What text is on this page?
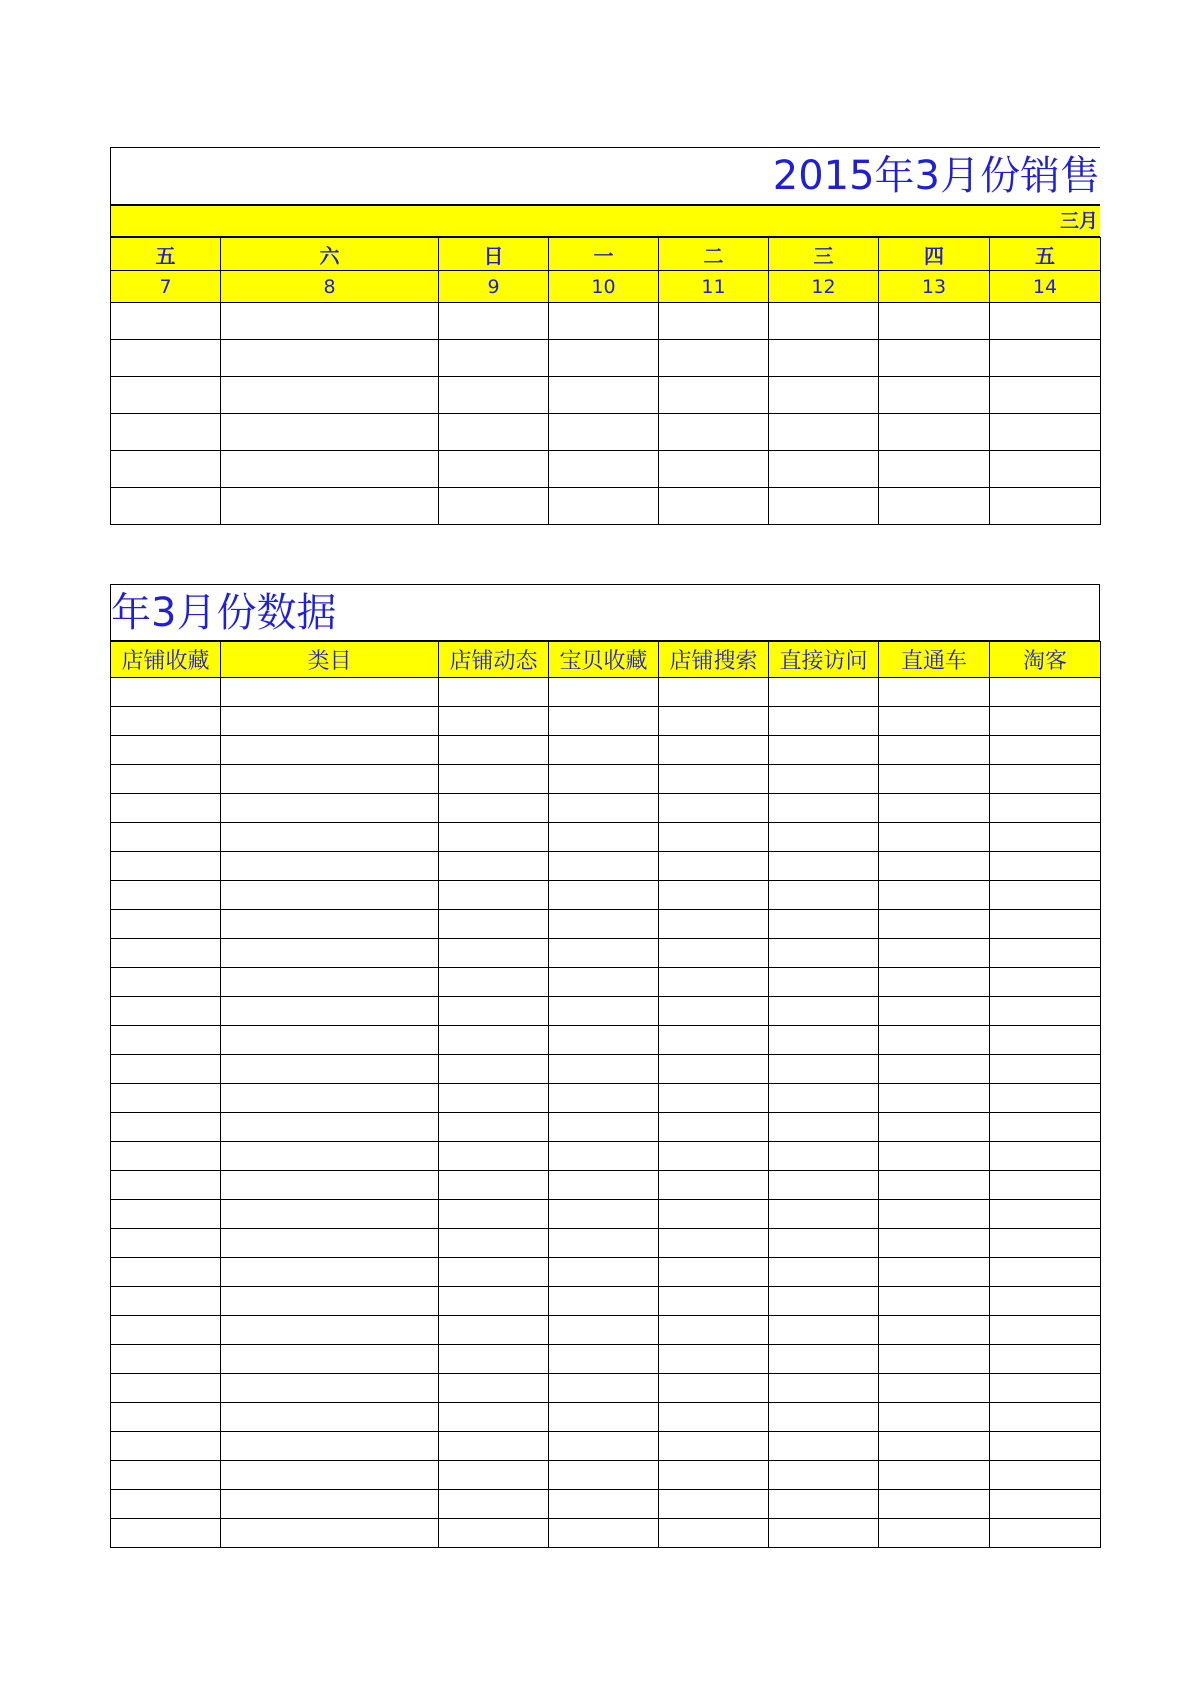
2015年3月份销售
三月
五	六	日	一	二	三	四	五
7	8	9	10	11	12	13	14

年3月份数据
店铺收藏	类目	店铺动态	宝贝收藏	店铺搜索	直接访问	直通车	淘客
